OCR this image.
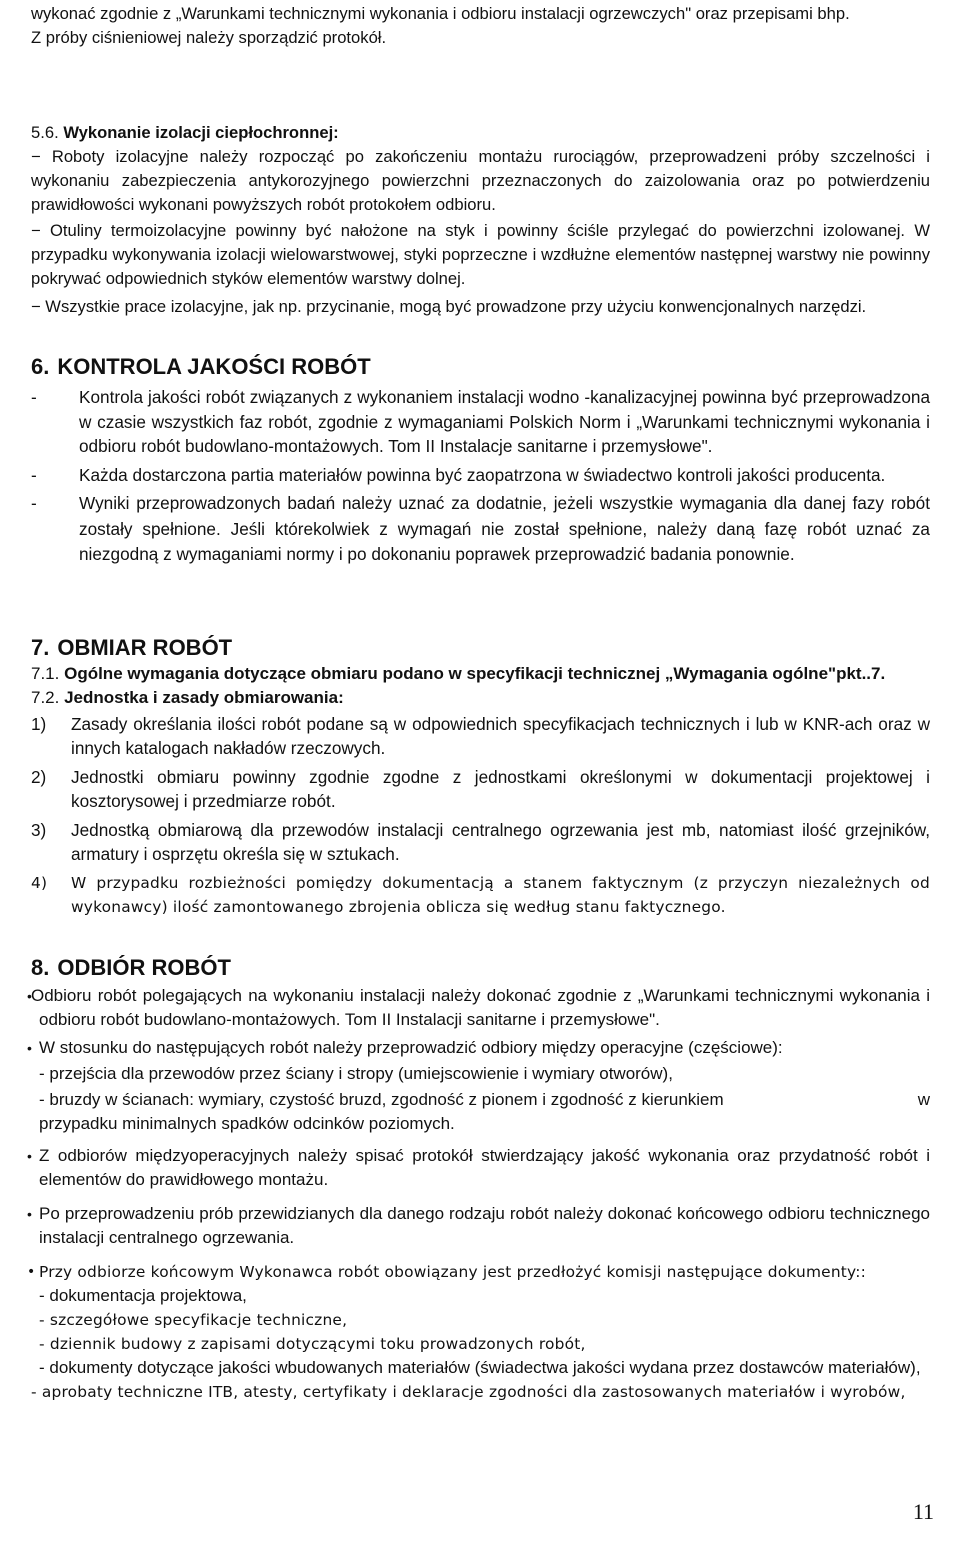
wykonać zgodnie z „Warunkami technicznymi wykonania i odbioru instalacji ogrzewczych" oraz przepisami bhp.

Z próby ciśnieniowej należy sporządzić protokół.

5.6. Wykonanie izolacji ciepłochronnej:

− Roboty izolacyjne należy rozpocząć po zakończeniu montażu rurociągów, przeprowadzeni próby szczelności i wykonaniu zabezpieczenia antykorozyjnego powierzchni przeznaczonych do zaizolowania oraz po potwierdzeniu prawidłowości wykonani powyższych robót protokołem odbioru.

− Otuliny termoizolacyjne powinny być nałożone na styk i powinny ściśle przylegać do powierzchni izolowanej. W przypadku wykonywania izolacji wielowarstwowej, styki poprzeczne i wzdłużne elementów następnej warstwy nie powinny pokrywać odpowiednich styków elementów warstwy dolnej.

− Wszystkie prace izolacyjne, jak np. przycinanie, mogą być prowadzone przy użyciu konwencjonalnych narzędzi.

6. KONTROLA JAKOŚCI ROBÓT

- Kontrola jakości robót związanych z wykonaniem instalacji wodno -kanalizacyjnej powinna być przeprowadzona w czasie wszystkich faz robót, zgodnie z wymaganiami Polskich Norm i „Warunkami technicznymi wykonania i odbioru robót budowlano-montażowych. Tom II Instalacje sanitarne i przemysłowe".

- Każda dostarczona partia materiałów powinna być zaopatrzona w świadectwo kontroli jakości producenta.

- Wyniki przeprowadzonych badań należy uznać za dodatnie, jeżeli wszystkie wymagania dla danej fazy robót zostały spełnione. Jeśli którekolwiek z wymagań nie został spełnione, należy daną fazę robót uznać za niezgodną z wymaganiami normy i po dokonaniu poprawek przeprowadzić badania ponownie.

7. OBMIAR ROBÓT

7.1. Ogólne wymagania dotyczące obmiaru podano w specyfikacji technicznej „Wymagania ogólne"pkt..7.

7.2. Jednostka i zasady obmiarowania:

1)	Zasady określania ilości robót podane są w odpowiednich specyfikacjach technicznych i lub w KNR-ach oraz w innych katalogach nakładów rzeczowych.

2)	Jednostki obmiaru powinny zgodnie zgodne z jednostkami określonymi w dokumentacji projektowej i kosztorysowej i przedmiarze robót.

3)	Jednostką obmiarową dla przewodów instalacji centralnego ogrzewania jest mb, natomiast ilość grzejników, armatury i osprzętu określa się w sztukach.

4)	W przypadku rozbieżności pomiędzy dokumentacją a stanem faktycznym (z przyczyn niezależnych od wykonawcy) ilość zamontowanego zbrojenia oblicza się według stanu faktycznego.

8. ODBIÓR ROBÓT

• Odbioru robót polegających na wykonaniu instalacji należy dokonać zgodnie z „Warunkami technicznymi wykonania i odbioru robót budowlano-montażowych. Tom II Instalacji sanitarne i przemysłowe".

• W stosunku do następujących robót należy przeprowadzić odbiory między operacyjne (częściowe):

- przejścia dla przewodów przez ściany i stropy (umiejscowienie i wymiary otworów),

- bruzdy w ścianach: wymiary, czystość bruzd, zgodność z pionem i zgodność z kierunkiem	w

przypadku minimalnych spadków odcinków poziomych.

• Z odbiorów międzyoperacyjnych należy spisać protokół stwierdzający jakość wykonania oraz przydatność robót i elementów do prawidłowego montażu.

• Po przeprowadzeniu prób przewidzianych dla danego rodzaju robót należy dokonać końcowego odbioru technicznego instalacji centralnego ogrzewania.

• Przy odbiorze końcowym Wykonawca robót obowiązany jest przedłożyć komisji następujące dokumenty::

- dokumentacja projektowa,

- szczegółowe specyfikacje techniczne,

- dziennik budowy z zapisami dotyczącymi toku prowadzonych robót,

- dokumenty dotyczące jakości wbudowanych materiałów (świadectwa jakości wydana przez dostawców materiałów),

- aprobaty techniczne ITB, atesty, certyfikaty i deklaracje zgodności dla zastosowanych materiałów i wyrobów,

11
